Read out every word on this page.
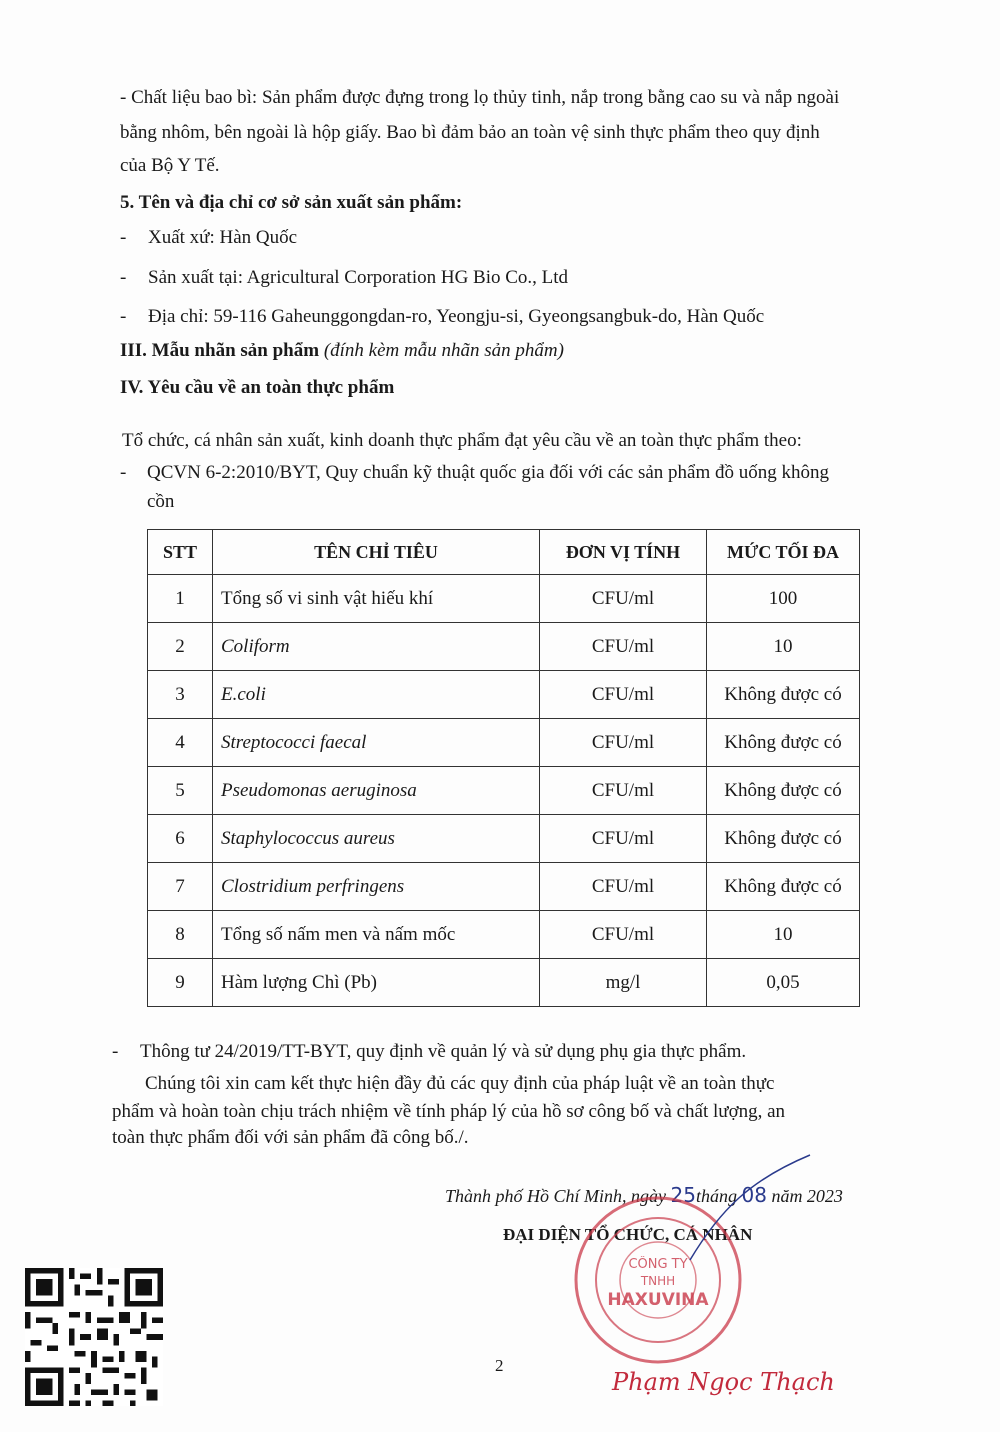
- Chất liệu bao bì: Sản phẩm được đựng trong lọ thủy tinh, nắp trong bằng cao su và nắp ngoài
bằng nhôm, bên ngoài là hộp giấy. Bao bì đảm bảo an toàn vệ sinh thực phẩm theo quy định
của Bộ Y Tế.
5. Tên và địa chỉ cơ sở sản xuất sản phẩm:
- Xuất xứ: Hàn Quốc
- Sản xuất tại: Agricultural Corporation HG Bio Co., Ltd
- Địa chỉ: 59-116 Gaheunggongdan-ro, Yeongju-si, Gyeongsangbuk-do, Hàn Quốc
III. Mẫu nhãn sản phẩm (đính kèm mẫu nhãn sản phẩm)
IV. Yêu cầu về an toàn thực phẩm
Tổ chức, cá nhân sản xuất, kinh doanh thực phẩm đạt yêu cầu về an toàn thực phẩm theo:
- QCVN 6-2:2010/BYT, Quy chuẩn kỹ thuật quốc gia đối với các sản phẩm đồ uống không
cồn
STT	TÊN CHỈ TIÊU	ĐƠN VỊ TÍNH	MỨC TỐI ĐA
1	Tổng số vi sinh vật hiếu khí	CFU/ml	100
2	Coliform	CFU/ml	10
3	E.coli	CFU/ml	Không được có
4	Streptococci faecal	CFU/ml	Không được có
5	Pseudomonas aeruginosa	CFU/ml	Không được có
6	Staphylococcus aureus	CFU/ml	Không được có
7	Clostridium perfringens	CFU/ml	Không được có
8	Tổng số nấm men và nấm mốc	CFU/ml	10
9	Hàm lượng Chì (Pb)	mg/l	0,05
- Thông tư 24/2019/TT-BYT, quy định về quản lý và sử dụng phụ gia thực phẩm.
Chúng tôi xin cam kết thực hiện đầy đủ các quy định của pháp luật về an toàn thực
phẩm và hoàn toàn chịu trách nhiệm về tính pháp lý của hồ sơ công bố và chất lượng, an
toàn thực phẩm đối với sản phẩm đã công bố./.
Thành phố Hồ Chí Minh, ngày 25tháng 08 năm 2023
ĐẠI DIỆN TỔ CHỨC, CÁ NHÂN
CÔNG TY
TNHH
HAXUVINA
Phạm Ngọc Thạch
2
